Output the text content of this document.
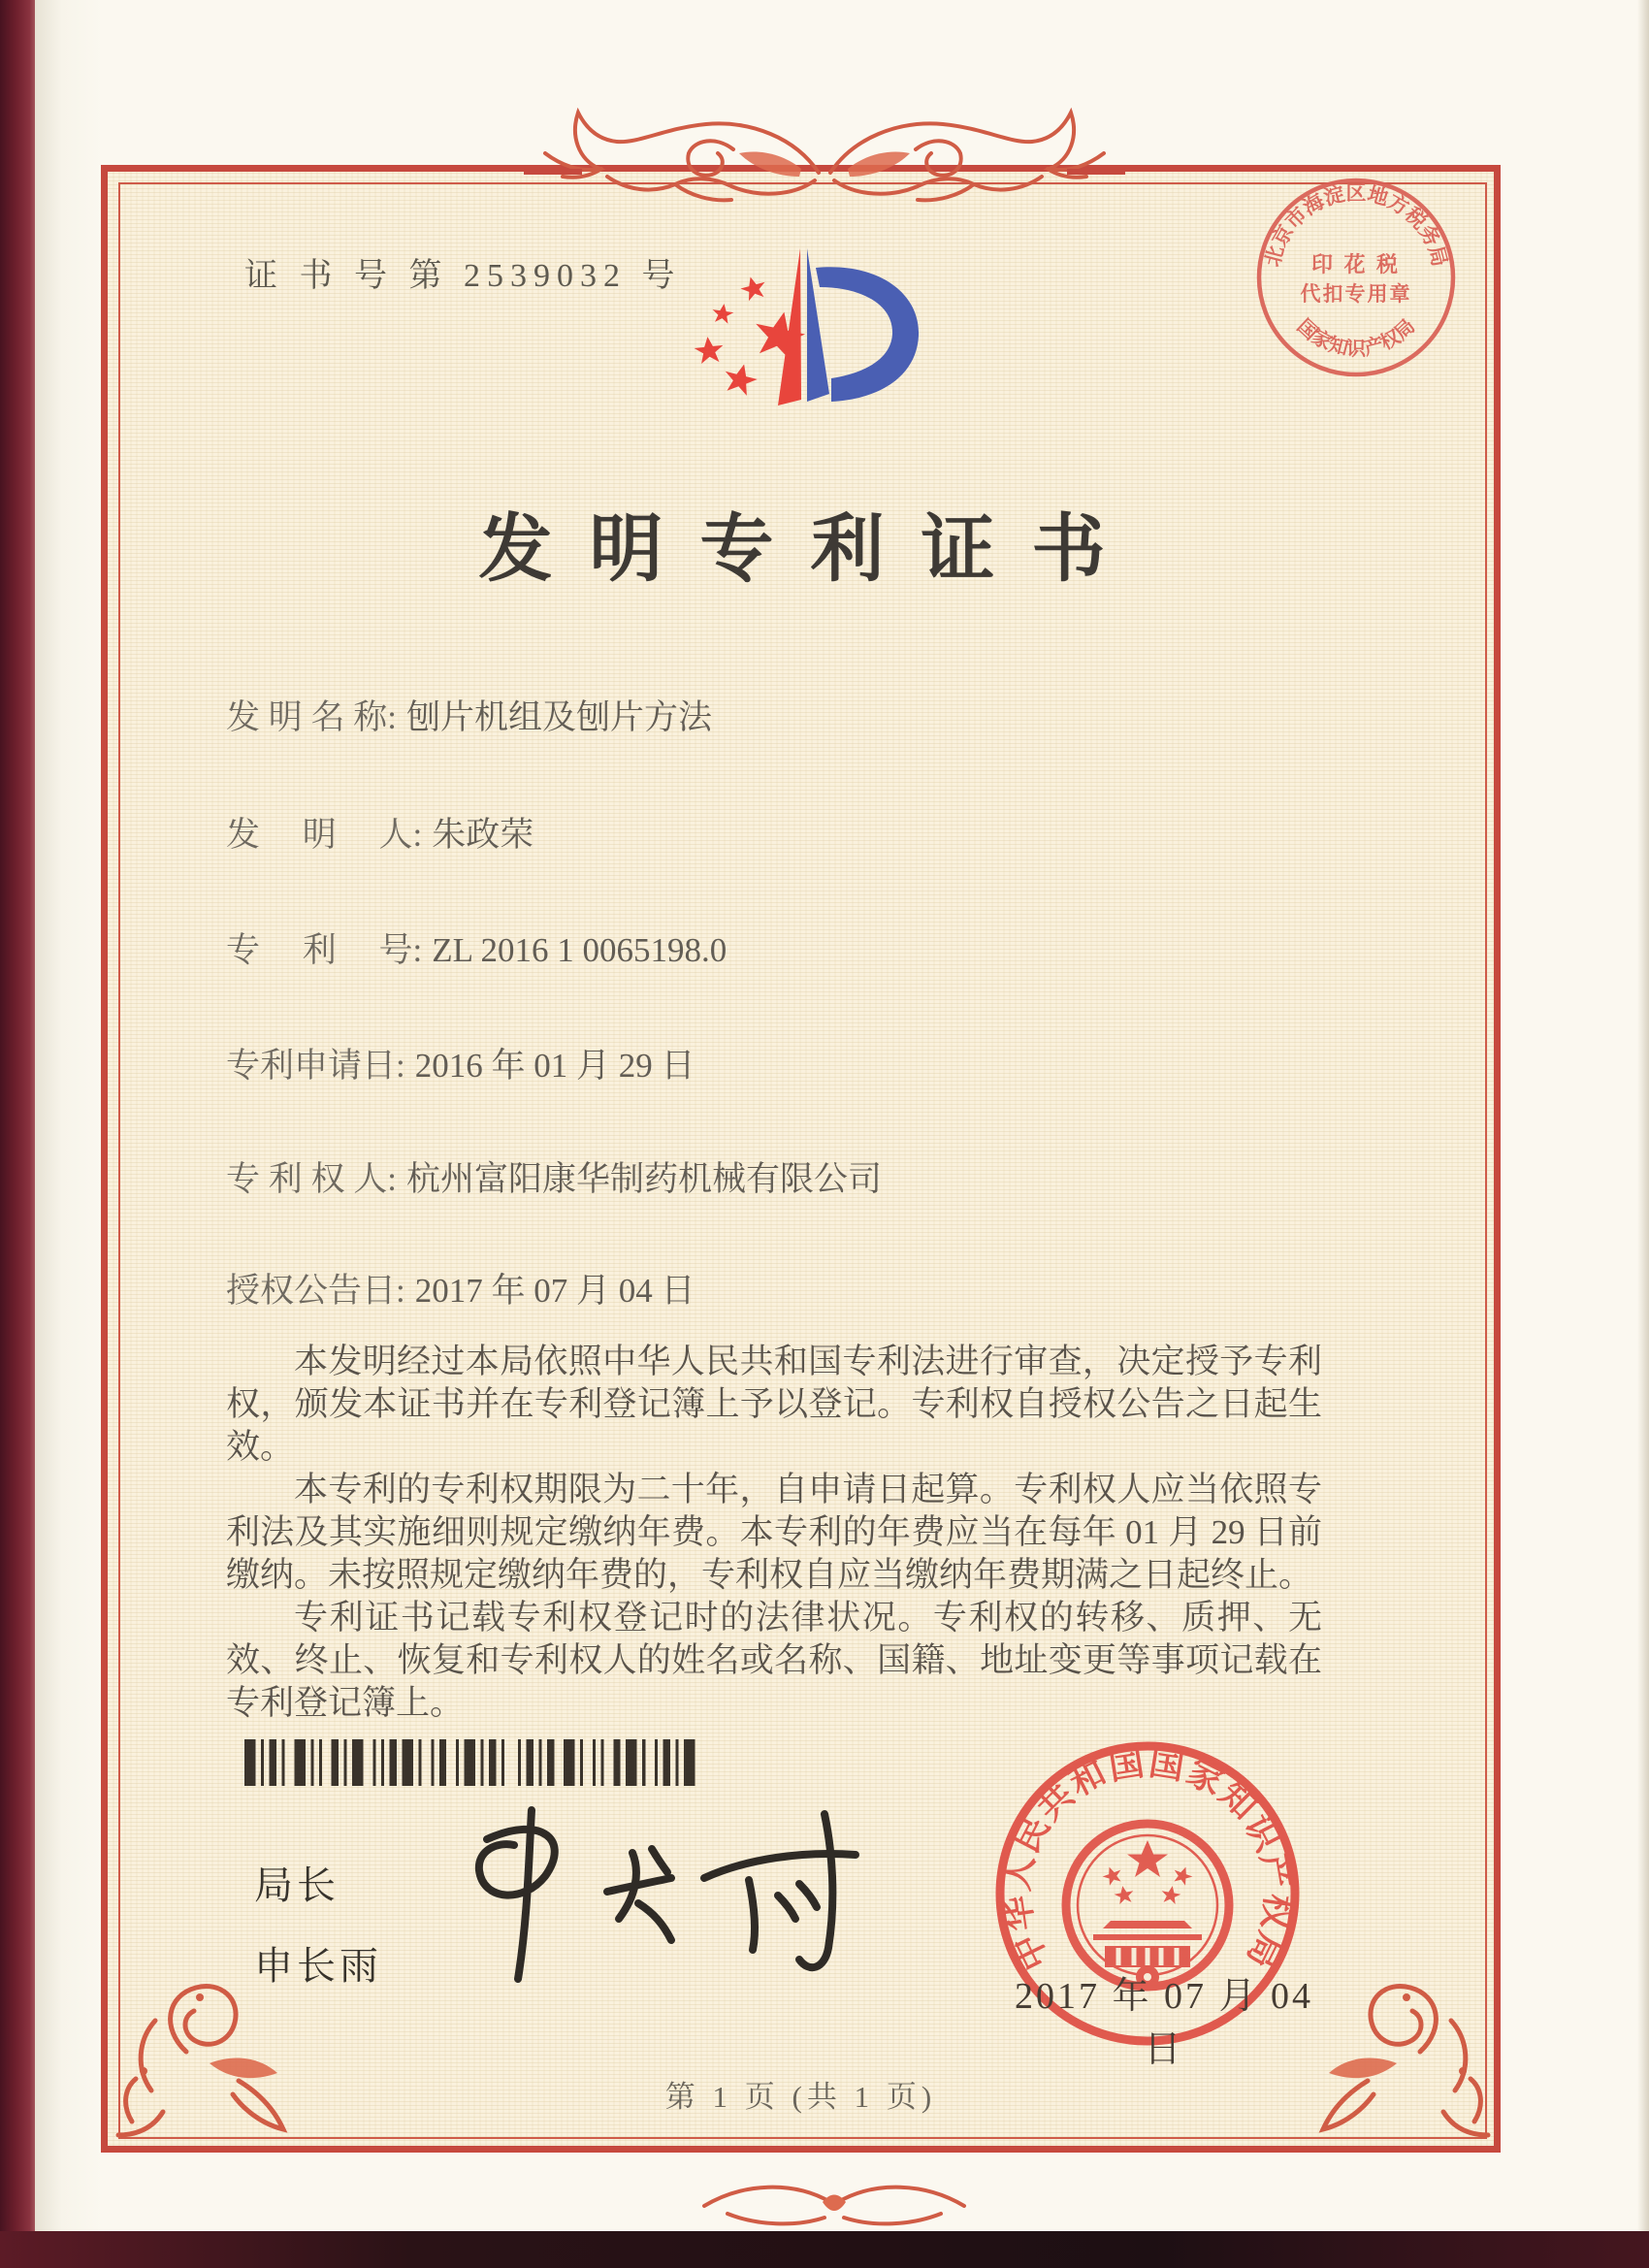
证 书 号 第 2539032 号
发明专利证书
发 明 名 称: 刨片机组及刨片方法
发　 明　 人: 朱政荣
专　 利　 号: ZL 2016 1 0065198.0
专利申请日: 2016 年 01 月 29 日
专 利 权 人: 杭州富阳康华制药机械有限公司
授权公告日: 2017 年 07 月 04 日

本发明经过本局依照中华人民共和国专利法进行审查，决定授予专利权，颁发本证书并在专利登记簿上予以登记。专利权自授权公告之日起生效。

本专利的专利权期限为二十年，自申请日起算。专利权人应当依照专利法及其实施细则规定缴纳年费。本专利的年费应当在每年 01 月 29 日前缴纳。未按照规定缴纳年费的，专利权自应当缴纳年费期满之日起终止。

专利证书记载专利权登记时的法律状况。专利权的转移、质押、无效、终止、恢复和专利权人的姓名或名称、国籍、地址变更等事项记载在专利登记簿上。

局长
申长雨
北京市海淀区地方税务局
国家知识产权局
印 花 税
代扣专用章
中华人民共和国国家知识产权局
2017 年 07 月 04 日
第 1 页 (共 1 页)
